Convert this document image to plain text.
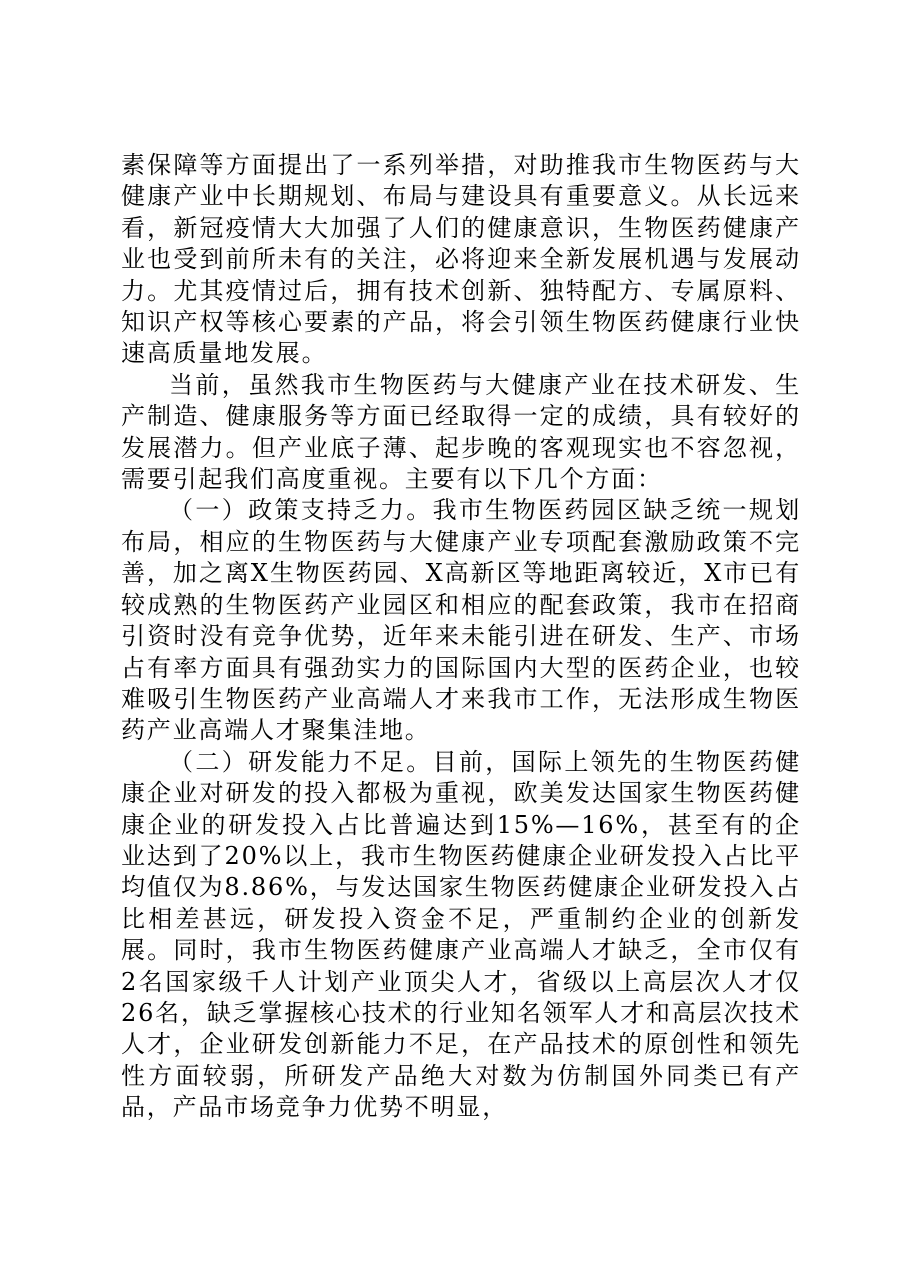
素保障等方面提出了一系列举措，对助推我市生物医药与大健康产业中长期规划、布局与建设具有重要意义。从长远来看，新冠疫情大大加强了人们的健康意识，生物医药健康产业也受到前所未有的关注，必将迎来全新发展机遇与发展动力。尤其疫情过后，拥有技术创新、独特配方、专属原料、知识产权等核心要素的产品，将会引领生物医药健康行业快速高质量地发展。

当前，虽然我市生物医药与大健康产业在技术研发、生产制造、健康服务等方面已经取得一定的成绩，具有较好的发展潜力。但产业底子薄、起步晚的客观现实也不容忽视，需要引起我们高度重视。主要有以下几个方面：

（一）政策支持乏力。我市生物医药园区缺乏统一规划布局，相应的生物医药与大健康产业专项配套激励政策不完善，加之离X生物医药园、X高新区等地距离较近，X市已有较成熟的生物医药产业园区和相应的配套政策，我市在招商引资时没有竞争优势，近年来未能引进在研发、生产、市场占有率方面具有强劲实力的国际国内大型的医药企业，也较难吸引生物医药产业高端人才来我市工作，无法形成生物医药产业高端人才聚集洼地。

（二）研发能力不足。目前，国际上领先的生物医药健康企业对研发的投入都极为重视，欧美发达国家生物医药健康企业的研发投入占比普遍达到15%—16%，甚至有的企业达到了20%以上，我市生物医药健康企业研发投入占比平均值仅为8.86%，与发达国家生物医药健康企业研发投入占比相差甚远，研发投入资金不足，严重制约企业的创新发展。同时，我市生物医药健康产业高端人才缺乏，全市仅有2名国家级千人计划产业顶尖人才，省级以上高层次人才仅26名，缺乏掌握核心技术的行业知名领军人才和高层次技术人才，企业研发创新能力不足，在产品技术的原创性和领先性方面较弱，所研发产品绝大对数为仿制国外同类已有产品，产品市场竞争力优势不明显，
